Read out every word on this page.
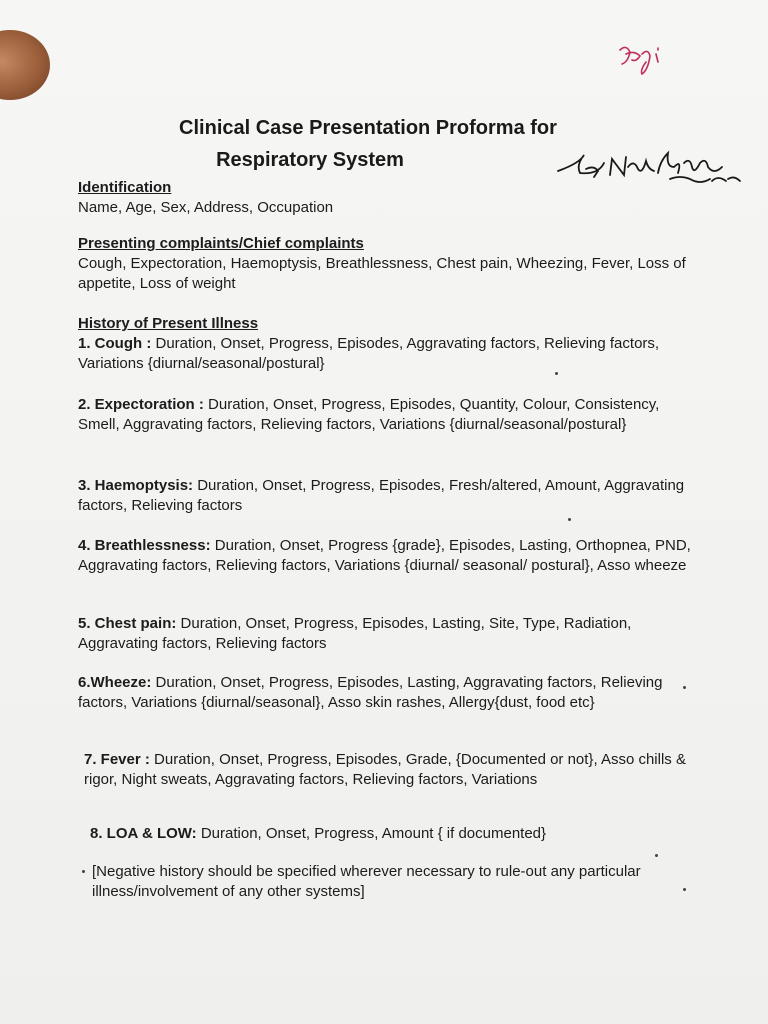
Clinical Case Presentation Proforma for
Respiratory System
Identification
Name, Age, Sex, Address, Occupation
Presenting complaints/Chief complaints
Cough, Expectoration, Haemoptysis, Breathlessness, Chest pain, Wheezing, Fever, Loss of appetite, Loss of weight
History of Present Illness
1. Cough : Duration, Onset, Progress, Episodes, Aggravating factors, Relieving factors, Variations {diurnal/seasonal/postural}
2. Expectoration : Duration, Onset, Progress, Episodes, Quantity, Colour, Consistency, Smell, Aggravating factors, Relieving factors, Variations {diurnal/seasonal/postural}
3. Haemoptysis: Duration, Onset, Progress, Episodes, Fresh/altered, Amount, Aggravating factors, Relieving factors
4. Breathlessness: Duration, Onset, Progress {grade}, Episodes, Lasting, Orthopnea, PND, Aggravating factors, Relieving factors, Variations {diurnal/ seasonal/ postural}, Asso wheeze
5. Chest pain: Duration, Onset, Progress, Episodes, Lasting, Site, Type, Radiation, Aggravating factors, Relieving factors
6.Wheeze: Duration, Onset, Progress, Episodes, Lasting, Aggravating factors, Relieving factors, Variations {diurnal/seasonal}, Asso skin rashes, Allergy{dust, food etc}
7. Fever : Duration, Onset, Progress, Episodes, Grade, {Documented or not}, Asso chills & rigor, Night sweats, Aggravating factors, Relieving factors, Variations
8. LOA & LOW: Duration, Onset, Progress, Amount { if documented}
[Negative history should be specified wherever necessary to rule-out any particular illness/involvement of any other systems]
